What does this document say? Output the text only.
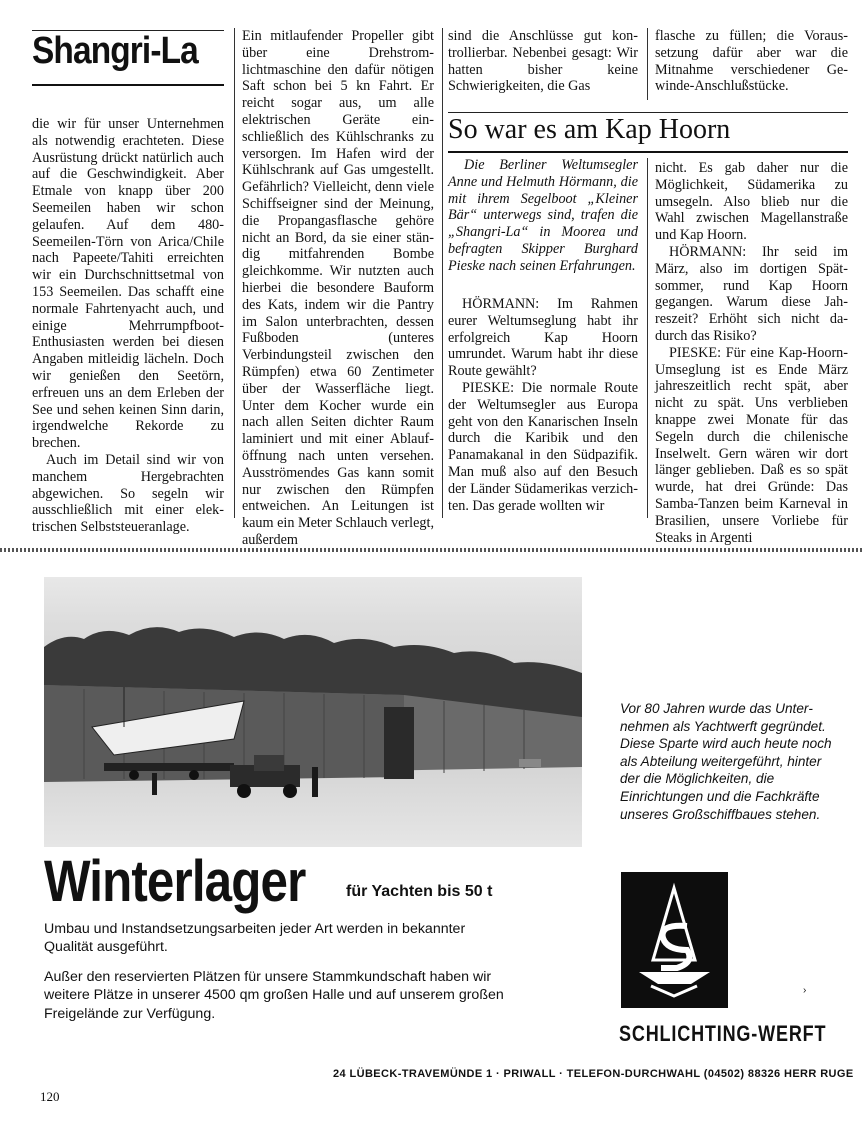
Shangri-La

die wir für unser Unternehmen als notwendig erachteten. Diese Ausrüstung drückt natürlich auch auf die Geschwindigkeit. Aber Etmale von knapp über 200 Seemeilen haben wir schon gelaufen. Auf dem 480-Seemeilen-Törn von Arica/Chile nach Papeete/Tahiti erreichten wir ein Durchschnittsetmal von 153 Seemeilen. Das schafft eine normale Fahrtenyacht auch, und einige Mehrrumpfboot-Enthusiasten werden bei diesen Angaben mitleidig lächeln. Doch wir genießen den Seetörn, erfreuen uns an dem Erleben der See und sehen keinen Sinn darin, irgendwelche Rekorde zu brechen.

Auch im Detail sind wir von manchem Hergebrachten abgewichen. So segeln wir ausschließlich mit einer elektrischen Selbststeueranlage.

Ein mitlaufender Propeller gibt über eine Drehstromlichtmaschine den dafür nötigen Saft schon bei 5 kn Fahrt. Er reicht sogar aus, um alle elektrischen Geräte einschließlich des Kühlschranks zu versorgen. Im Hafen wird der Kühlschrank auf Gas umgestellt. Gefährlich? Vielleicht, denn viele Schiffseigner sind der Meinung, die Propangasflasche gehöre nicht an Bord, da sie einer ständig mitfahrenden Bombe gleichkomme. Wir nutzten auch hierbei die besondere Bauform des Kats, indem wir die Pantry im Salon unterbrachten, dessen Fußboden (unteres Verbindungsteil zwischen den Rümpfen) etwa 60 Zentimeter über der Wasserfläche liegt. Unter dem Kocher wurde ein nach allen Seiten dichter Raum laminiert und mit einer Ablauföffnung nach unten versehen. Ausströmendes Gas kann somit nur zwischen den Rümpfen entweichen. An Leitungen ist kaum ein Meter Schlauch verlegt, außerdem

sind die Anschlüsse gut kontrollierbar. Nebenbei gesagt: Wir hatten bisher keine Schwierigkeiten, die Gas

flasche zu füllen; die Voraussetzung dafür aber war die Mitnahme verschiedener Gewinde-Anschlußstücke.

So war es am Kap Hoorn

Die Berliner Weltumsegler Anne und Helmuth Hörmann, die mit ihrem Segelboot „Kleiner Bär“ unterwegs sind, trafen die „Shangri-La“ in Moorea und befragten Skipper Burghard Pieske nach seinen Erfahrungen.

HÖRMANN: Im Rahmen eurer Weltumseglung habt ihr erfolgreich Kap Hoorn umrundet. Warum habt ihr diese Route gewählt?

PIESKE: Die normale Route der Weltumsegler aus Europa geht von den Kanarischen Inseln durch die Karibik und den Panamakanal in den Südpazifik. Man muß also auf den Besuch der Länder Südamerikas verzichten. Das gerade wollten wir

nicht. Es gab daher nur die Möglichkeit, Südamerika zu umsegeln. Also blieb nur die Wahl zwischen Magellanstraße und Kap Hoorn.

HÖRMANN: Ihr seid im März, also im dortigen Spätsommer, rund Kap Hoorn gegangen. Warum diese Jahreszeit? Erhöht sich nicht dadurch das Risiko?

PIESKE: Für eine Kap-Hoorn-Umseglung ist es Ende März jahreszeitlich recht spät, aber nicht zu spät. Uns verblieben knappe zwei Monate für das Segeln durch die chilenische Inselwelt. Gern wären wir dort länger geblieben. Daß es so spät wurde, hat drei Gründe: Das Samba-Tanzen beim Karneval in Brasilien, unsere Vorliebe für Steaks in Argenti

Vor 80 Jahren wurde das Unternehmen als Yachtwerft gegründet. Diese Sparte wird auch heute noch als Abteilung weitergeführt, hinter der die Möglichkeiten, die Einrichtungen und die Fachkräfte unseres Großschiffbaues stehen.
Winterlager	für Yachten bis 50 t

Umbau und Instandsetzungsarbeiten jeder Art werden in bekannter Qualität ausgeführt.

Außer den reservierten Plätzen für unsere Stammkundschaft haben wir weitere Plätze in unserer 4500 qm großen Halle und auf unserem großen Freigelände zur Verfügung.

›
SCHLICHTING-WERFT
24 LÜBECK-TRAVEMÜNDE 1 · PRIWALL · TELEFON-DURCHWAHL (04502) 88326 HERR RUGE
120
